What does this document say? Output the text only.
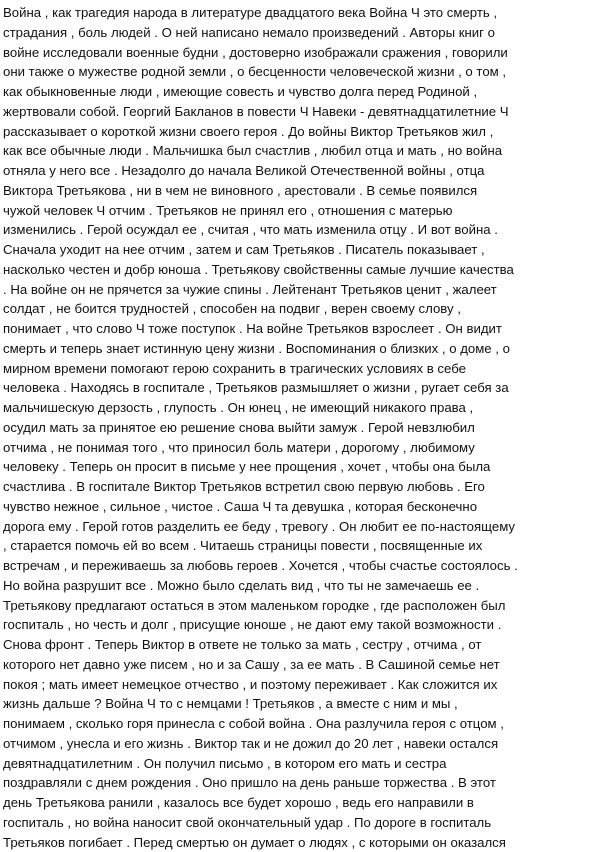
Война , как трагедия народа в литературе двадцатого века Война Ч это смерть ,
страдания , боль людей . О ней написано немало произведений . Авторы книг о
войне исследовали военные будни , достоверно изображали сражения , говорили
они также о мужестве родной земли , о бесценности человеческой жизни , о том ,
как обыкновенные люди , имеющие совесть и чувство долга перед Родиной ,
жертвовали собой. Георгий Бакланов в повести Ч Навеки - девятнадцатилетние Ч
рассказывает о короткой жизни своего героя . До войны Виктор Третьяков жил ,
как все обычные люди . Мальчишка был счастлив , любил отца и мать , но война
отняла у него все . Незадолго до начала Великой Отечественной войны , отца
Виктора Третьякова , ни в чем не виновного , арестовали . В семье появился
чужой человек Ч отчим . Третьяков не принял его , отношения с матерью
изменились . Герой осуждал ее , считая , что мать изменила отцу . И вот война .
Сначала уходит на нее отчим , затем и сам Третьяков . Писатель показывает ,
насколько честен и добр юноша . Третьякову свойственны самые лучшие качества
. На войне он не прячется за чужие спины . Лейтенант Третьяков ценит , жалеет
солдат , не боится трудностей , способен на подвиг , верен своему слову ,
понимает , что слово Ч тоже поступок . На войне Третьяков взрослеет . Он видит
смерть и теперь знает истинную цену жизни . Воспоминания о близких , о доме , о
мирном времени помогают герою сохранить в трагических условиях в себе
человека . Находясь в госпитале , Третьяков размышляет о жизни , ругает себя за
мальчишескую дерзость , глупость . Он юнец , не имеющий никакого права ,
осудил мать за принятое ею решение снова выйти замуж . Герой невзлюбил
отчима , не понимая того , что приносил боль матери , дорогому , любимому
человеку . Теперь он просит в письме у нее прощения , хочет , чтобы она была
счастлива . В госпитале Виктор Третьяков встретил свою первую любовь . Его
чувство нежное , сильное , чистое . Саша Ч та девушка , которая бесконечно
дорога ему . Герой готов разделить ее беду , тревогу . Он любит ее по-настоящему
, старается помочь ей во всем . Читаешь страницы повести , посвященные их
встречам , и переживаешь за любовь героев . Хочется , чтобы счастье состоялось .
Но война разрушит все . Можно было сделать вид , что ты не замечаешь ее .
Третьякову предлагают остаться в этом маленьком городке , где расположен был
госпиталь , но честь и долг , присущие юноше , не дают ему такой возможности .
Снова фронт . Теперь Виктор в ответе не только за мать , сестру , отчима , от
которого нет давно уже писем , но и за Сашу , за ее мать . В Сашиной семье нет
покоя ; мать имеет немецкое отчество , и поэтому переживает . Как сложится их
жизнь дальше ? Война Ч то с немцами ! Третьяков , а вместе с ним и мы ,
понимаем , сколько горя принесла с собой война . Она разлучила героя с отцом ,
отчимом , унесла и его жизнь . Виктор так и не дожил до 20 лет , навеки остался
девятнадцатилетним . Он получил письмо , в котором его мать и сестра
поздравляли с днем рождения . Оно пришло на день раньше торжества . В этот
день Третьякова ранили , казалось все будет хорошо , ведь его направили в
госпиталь , но война наносит свой окончательный удар . По дороге в госпиталь
Третьяков погибает . Перед смертью он думает о людях , с которыми он оказался
